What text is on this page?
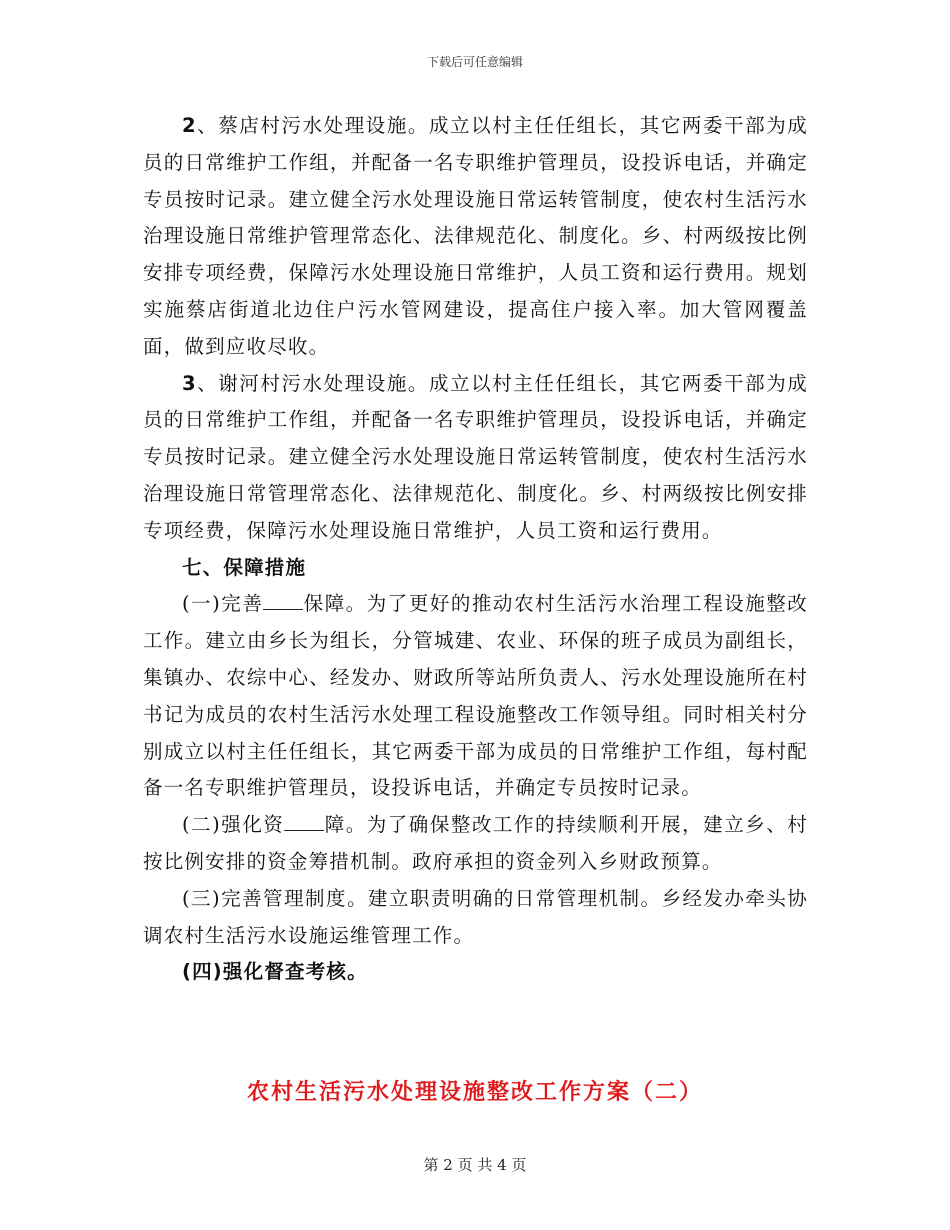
下载后可任意编辑

2、蔡店村污水处理设施。成立以村主任任组长，其它两委干部为成员的日常维护工作组，并配备一名专职维护管理员，设投诉电话，并确定专员按时记录。建立健全污水处理设施日常运转管制度，使农村生活污水治理设施日常维护管理常态化、法律规范化、制度化。乡、村两级按比例安排专项经费，保障污水处理设施日常维护，人员工资和运行费用。规划实施蔡店街道北边住户污水管网建设，提高住户接入率。加大管网覆盖面，做到应收尽收。

3、谢河村污水处理设施。成立以村主任任组长，其它两委干部为成员的日常维护工作组，并配备一名专职维护管理员，设投诉电话，并确定专员按时记录。建立健全污水处理设施日常运转管制度，使农村生活污水治理设施日常管理常态化、法律规范化、制度化。乡、村两级按比例安排专项经费，保障污水处理设施日常维护，人员工资和运行费用。

七、保障措施

(一)完善 保障。为了更好的推动农村生活污水治理工程设施整改工作。建立由乡长为组长，分管城建、农业、环保的班子成员为副组长，集镇办、农综中心、经发办、财政所等站所负责人、污水处理设施所在村书记为成员的农村生活污水处理工程设施整改工作领导组。同时相关村分别成立以村主任任组长，其它两委干部为成员的日常维护工作组，每村配备一名专职维护管理员，设投诉电话，并确定专员按时记录。

(二)强化资 障。为了确保整改工作的持续顺利开展，建立乡、村按比例安排的资金筹措机制。政府承担的资金列入乡财政预算。

(三)完善管理制度。建立职责明确的日常管理机制。乡经发办牵头协调农村生活污水设施运维管理工作。

(四)强化督查考核。

农村生活污水处理设施整改工作方案（二）
第 2 页 共 4 页
